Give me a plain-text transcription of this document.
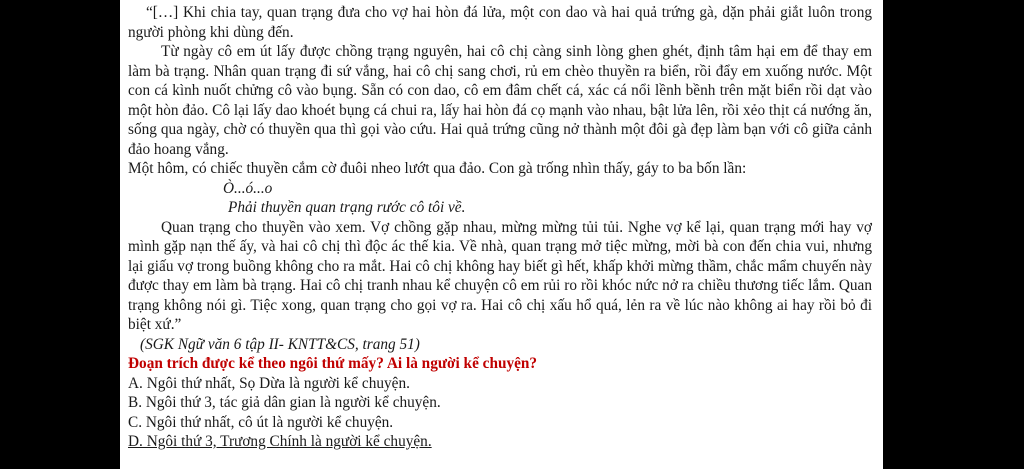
“[…] Khi chia tay, quan trạng đưa cho vợ hai hòn đá lửa, một con dao và hai quả trứng gà, dặn phải giắt luôn trong người phòng khi dùng đến.

Từ ngày cô em út lấy được chồng trạng nguyên, hai cô chị càng sinh lòng ghen ghét, định tâm hại em để thay em làm bà trạng. Nhân quan trạng đi sứ vắng, hai cô chị sang chơi, rủ em chèo thuyền ra biển, rồi đẩy em xuống nước. Một con cá kình nuốt chửng cô vào bụng. Sẵn có con dao, cô em đâm chết cá, xác cá nổi lềnh bềnh trên mặt biển rồi dạt vào một hòn đảo. Cô lại lấy dao khoét bụng cá chui ra, lấy hai hòn đá cọ mạnh vào nhau, bật lửa lên, rồi xẻo thịt cá nướng ăn, sống qua ngày, chờ có thuyền qua thì gọi vào cứu. Hai quả trứng cũng nở thành một đôi gà đẹp làm bạn với cô giữa cảnh đảo hoang vắng.

Một hôm, có chiếc thuyền cắm cờ đuôi nheo lướt qua đảo. Con gà trống nhìn thấy, gáy to ba bốn lần:

Ò...ó...o

Phải thuyền quan trạng rước cô tôi về.

Quan trạng cho thuyền vào xem. Vợ chồng gặp nhau, mừng mừng tủi tủi. Nghe vợ kể lại, quan trạng mới hay vợ mình gặp nạn thế ấy, và hai cô chị thì độc ác thế kia. Về nhà, quan trạng mở tiệc mừng, mời bà con đến chia vui, nhưng lại giấu vợ trong buồng không cho ra mắt. Hai cô chị không hay biết gì hết, khấp khởi mừng thầm, chắc mẩm chuyến này được thay em làm bà trạng. Hai cô chị tranh nhau kể chuyện cô em rủi ro rồi khóc nức nở ra chiều thương tiếc lắm. Quan trạng không nói gì. Tiệc xong, quan trạng cho gọi vợ ra. Hai cô chị xấu hổ quá, lẻn ra về lúc nào không ai hay rồi bỏ đi biệt xứ.”

(SGK Ngữ văn 6 tập II- KNTT&CS, trang 51)

Đoạn trích được kể theo ngôi thứ mấy? Ai là người kể chuyện?

A. Ngôi thứ nhất, Sọ Dừa là người kể chuyện.

B. Ngôi thứ 3, tác giả dân gian là người kể chuyện.

C. Ngôi thứ nhất, cô út là người kể chuyện.

D. Ngôi thứ 3, Trương Chính là người kể chuyện.
